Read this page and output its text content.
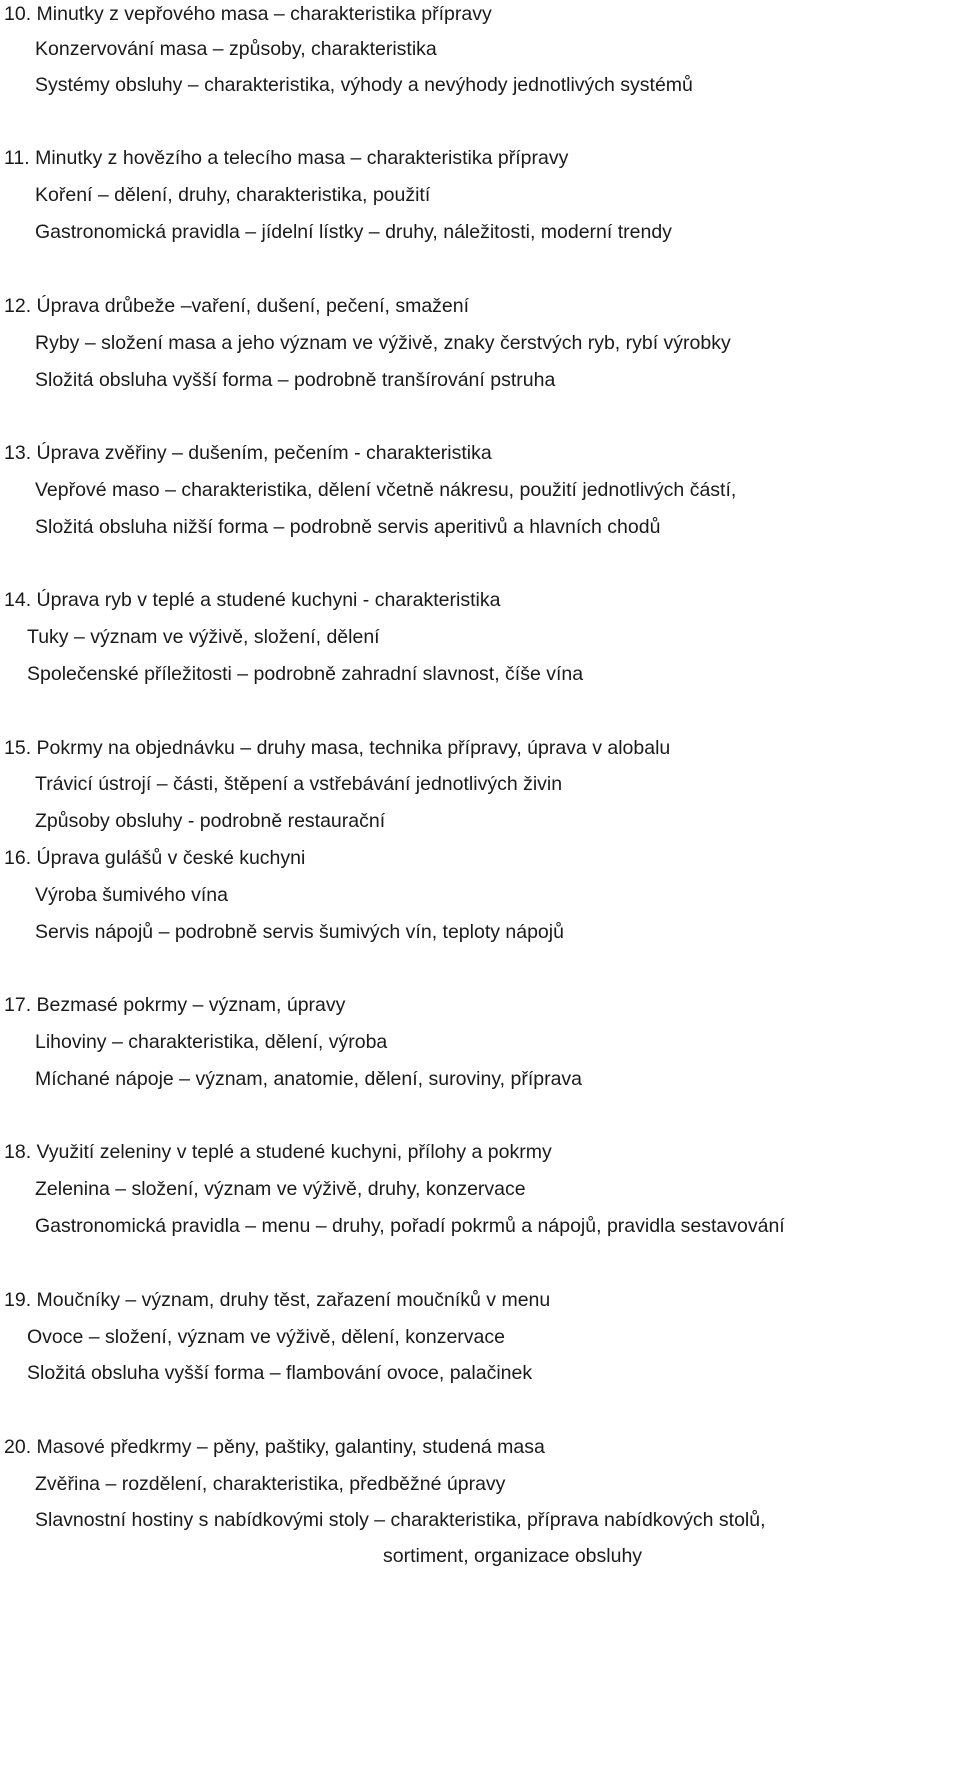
10. Minutky z vepřového masa – charakteristika přípravy
Konzervování masa – způsoby, charakteristika
Systémy obsluhy – charakteristika, výhody a nevýhody jednotlivých systémů
11. Minutky z hovězího a telecího masa – charakteristika přípravy
Koření – dělení, druhy, charakteristika, použití
Gastronomická pravidla – jídelní lístky – druhy, náležitosti, moderní trendy
12. Úprava drůbeže –vaření, dušení, pečení, smažení
Ryby – složení masa a jeho význam ve výživě, znaky čerstvých ryb, rybí výrobky
Složitá obsluha vyšší forma – podrobně tranšírování pstruha
13. Úprava zvěřiny – dušením, pečením - charakteristika
Vepřové maso – charakteristika, dělení včetně nákresu, použití jednotlivých částí,
Složitá obsluha nižší forma – podrobně servis aperitivů a hlavních chodů
14. Úprava ryb v teplé a studené kuchyni - charakteristika
Tuky – význam ve výživě, složení, dělení
Společenské příležitosti – podrobně zahradní slavnost, číše vína
15. Pokrmy na objednávku – druhy masa, technika přípravy, úprava v alobalu
Trávicí ústrojí – části, štěpení a vstřebávání jednotlivých živin
Způsoby obsluhy - podrobně restaurační
16. Úprava gulášů v české kuchyni
Výroba šumivého vína
Servis nápojů – podrobně servis šumivých vín, teploty nápojů
17. Bezmasé pokrmy – význam, úpravy
Lihoviny – charakteristika, dělení, výroba
Míchané nápoje – význam, anatomie, dělení, suroviny, příprava
18. Využití zeleniny v teplé a studené kuchyni, přílohy a pokrmy
Zelenina – složení, význam ve výživě, druhy, konzervace
Gastronomická pravidla – menu – druhy, pořadí pokrmů a nápojů, pravidla sestavování
19. Moučníky – význam, druhy těst, zařazení moučníků v menu
Ovoce – složení, význam ve výživě, dělení, konzervace
Složitá obsluha vyšší forma – flambování ovoce, palačinek
20. Masové předkrmy – pěny, paštiky, galantiny, studená masa
Zvěřina – rozdělení, charakteristika, předběžné úpravy
Slavnostní hostiny s nabídkovými stoly – charakteristika, příprava nabídkových stolů,
sortiment, organizace obsluhy
